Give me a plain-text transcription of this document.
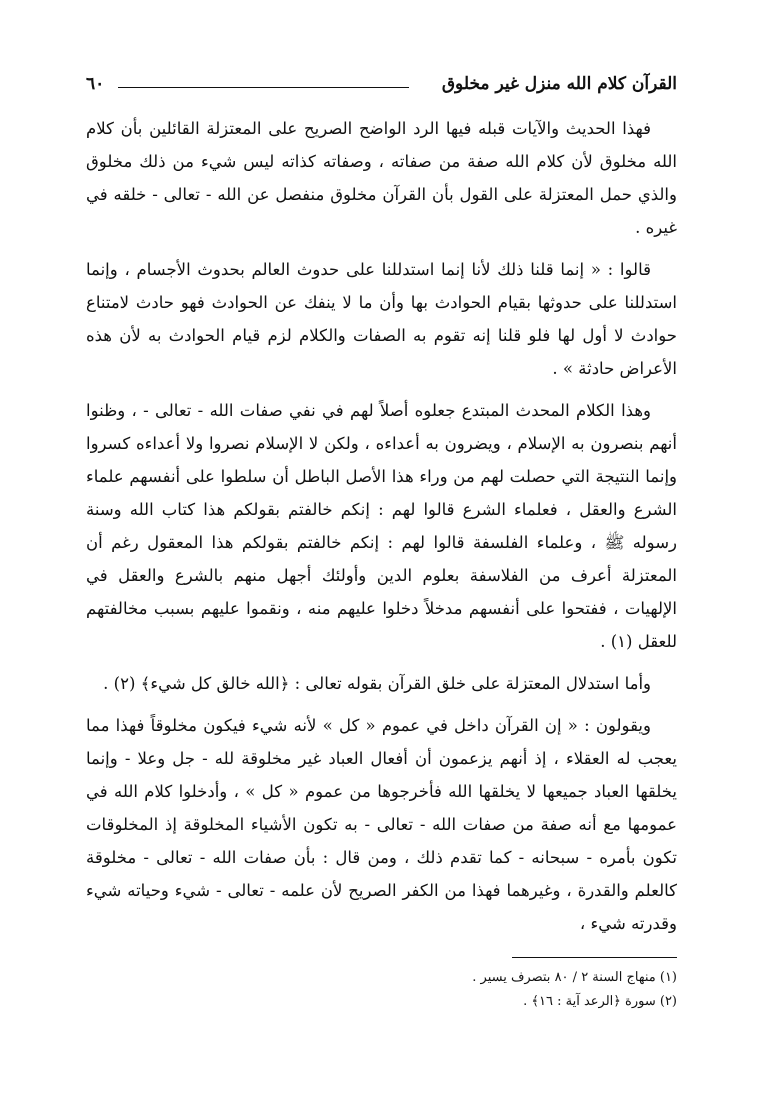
القرآن كلام الله منزل غير مخلوق
٦٠

فهذا الحديث والآيات قبله فيها الرد الواضح الصريح على المعتزلة القائلين بأن كلام الله مخلوق لأن كلام الله صفة من صفاته ، وصفاته كذاته ليس شيء من ذلك مخلوق والذي حمل المعتزلة على القول بأن القرآن مخلوق منفصل عن الله - تعالى - خلقه في غيره .

قالوا : « إنما قلنا ذلك لأنا إنما استدللنا على حدوث العالم بحدوث الأجسام ، وإنما استدللنا على حدوثها بقيام الحوادث بها وأن ما لا ينفك عن الحوادث فهو حادث لامتناع حوادث لا أول لها فلو قلنا إنه تقوم به الصفات والكلام لزم قيام الحوادث به لأن هذه الأعراض حادثة » .

وهذا الكلام المحدث المبتدع جعلوه أصلاً لهم في نفي صفات الله - تعالى - ، وظنوا أنهم بنصرون به الإسلام ، ويضرون به أعداءه ، ولكن لا الإسلام نصروا ولا أعداءه كسروا وإنما النتيجة التي حصلت لهم من وراء هذا الأصل الباطل أن سلطوا على أنفسهم علماء الشرع والعقل ، فعلماء الشرع قالوا لهم : إنكم خالفتم بقولكم هذا كتاب الله وسنة رسوله ﷺ ، وعلماء الفلسفة قالوا لهم : إنكم خالفتم بقولكم هذا المعقول رغم أن المعتزلة أعرف من الفلاسفة بعلوم الدين وأولئك أجهل منهم بالشرع والعقل في الإلهيات ، ففتحوا على أنفسهم مدخلاً دخلوا عليهم منه ، ونقموا عليهم بسبب مخالفتهم للعقل (١) .

وأما استدلال المعتزلة على خلق القرآن بقوله تعالى : ﴿الله خالق كل شيء﴾ (٢) .

ويقولون : « إن القرآن داخل في عموم « كل » لأنه شيء فيكون مخلوقاً فهذا مما يعجب له العقلاء ، إذ أنهم يزعمون أن أفعال العباد غير مخلوقة لله - جل وعلا - وإنما يخلقها العباد جميعها لا يخلقها الله فأخرجوها من عموم « كل » ، وأدخلوا كلام الله في عمومها مع أنه صفة من صفات الله - تعالى - به تكون الأشياء المخلوقة إذ المخلوقات تكون بأمره - سبحانه - كما تقدم ذلك ، ومن قال : بأن صفات الله - تعالى - مخلوقة كالعلم والقدرة ، وغيرهما فهذا من الكفر الصريح لأن علمه - تعالى - شيء وحياته شيء وقدرته شيء ،

(١) منهاج السنة ٢ / ٨٠ بتصرف يسير .
(٢) سورة ﴿الرعد آية : ١٦﴾ .
